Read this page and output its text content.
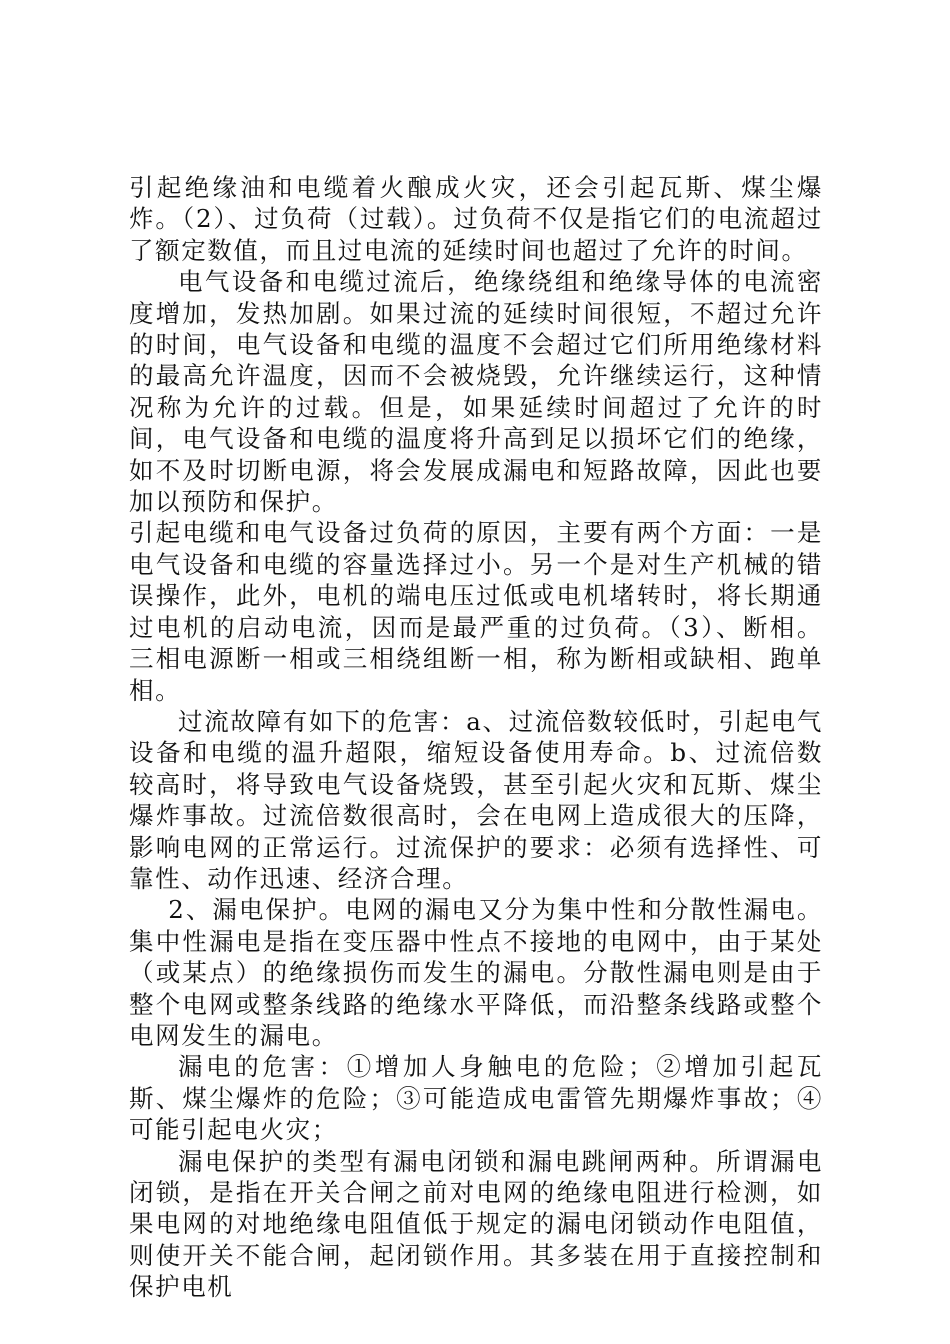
引起绝缘油和电缆着火酿成火灾，还会引起瓦斯、煤尘爆炸。（2）、过负荷（过载）。过负荷不仅是指它们的电流超过了额定数值，而且过电流的延续时间也超过了允许的时间。

电气设备和电缆过流后，绝缘绕组和绝缘导体的电流密度增加，发热加剧。如果过流的延续时间很短，不超过允许的时间，电气设备和电缆的温度不会超过它们所用绝缘材料的最高允许温度，因而不会被烧毁，允许继续运行，这种情况称为允许的过载。但是，如果延续时间超过了允许的时间，电气设备和电缆的温度将升高到足以损坏它们的绝缘，如不及时切断电源，将会发展成漏电和短路故障，因此也要加以预防和保护。

引起电缆和电气设备过负荷的原因，主要有两个方面：一是电气设备和电缆的容量选择过小。另一个是对生产机械的错误操作，此外，电机的端电压过低或电机堵转时，将长期通过电机的启动电流，因而是最严重的过负荷。（3）、断相。三相电源断一相或三相绕组断一相，称为断相或缺相、跑单相。

过流故障有如下的危害：a、过流倍数较低时，引起电气设备和电缆的温升超限，缩短设备使用寿命。b、过流倍数较高时，将导致电气设备烧毁，甚至引起火灾和瓦斯、煤尘爆炸事故。过流倍数很高时，会在电网上造成很大的压降，影响电网的正常运行。过流保护的要求：必须有选择性、可靠性、动作迅速、经济合理。

2、漏电保护。电网的漏电又分为集中性和分散性漏电。集中性漏电是指在变压器中性点不接地的电网中，由于某处（或某点）的绝缘损伤而发生的漏电。分散性漏电则是由于整个电网或整条线路的绝缘水平降低，而沿整条线路或整个电网发生的漏电。

漏电的危害：①增加人身触电的危险；②增加引起瓦斯、煤尘爆炸的危险；③可能造成电雷管先期爆炸事故；④可能引起电火灾；

漏电保护的类型有漏电闭锁和漏电跳闸两种。所谓漏电闭锁，是指在开关合闸之前对电网的绝缘电阻进行检测，如果电网的对地绝缘电阻值低于规定的漏电闭锁动作电阻值，则使开关不能合闸，起闭锁作用。其多装在用于直接控制和保护电机
